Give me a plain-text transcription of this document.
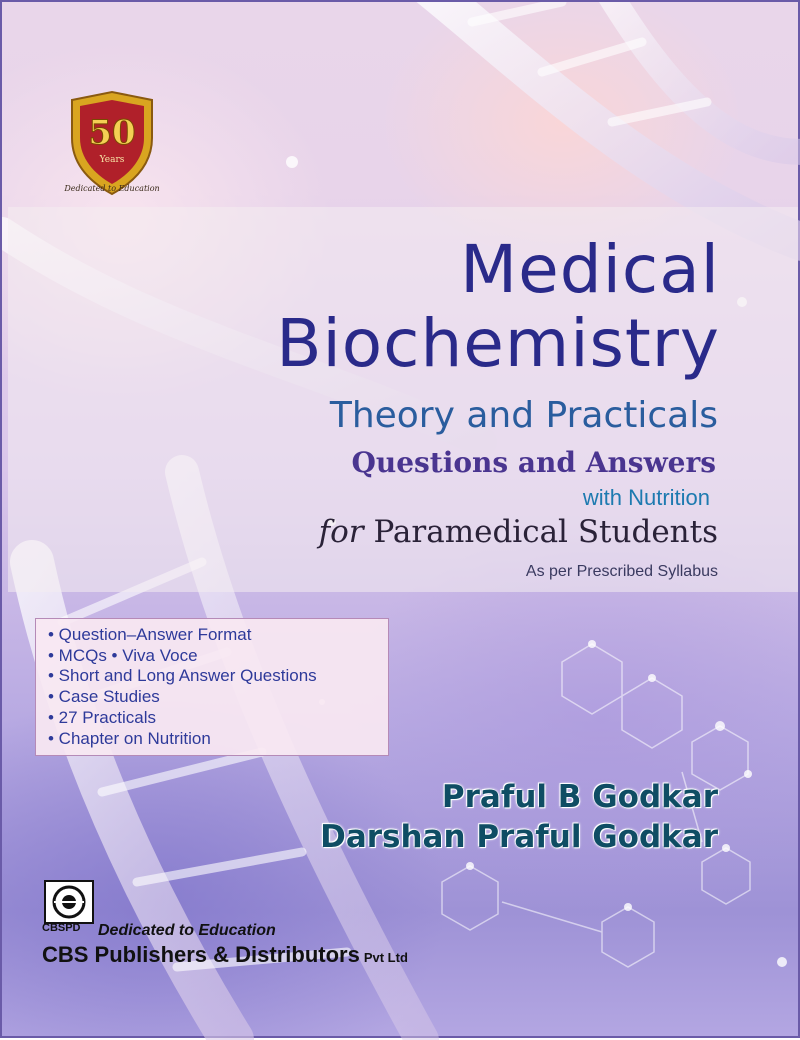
50
Years
Dedicated to Education
Medical
Biochemistry
Theory and Practicals
Questions and Answers
with Nutrition
for Paramedical Students
As per Prescribed Syllabus
• Question–Answer Format
• MCQs • Viva Voce
• Short and Long Answer Questions
• Case Studies
• 27 Practicals
• Chapter on Nutrition
Praful B Godkar
Darshan Praful Godkar
CBSPD Dedicated to Education
CBS Publishers & Distributors Pvt Ltd
